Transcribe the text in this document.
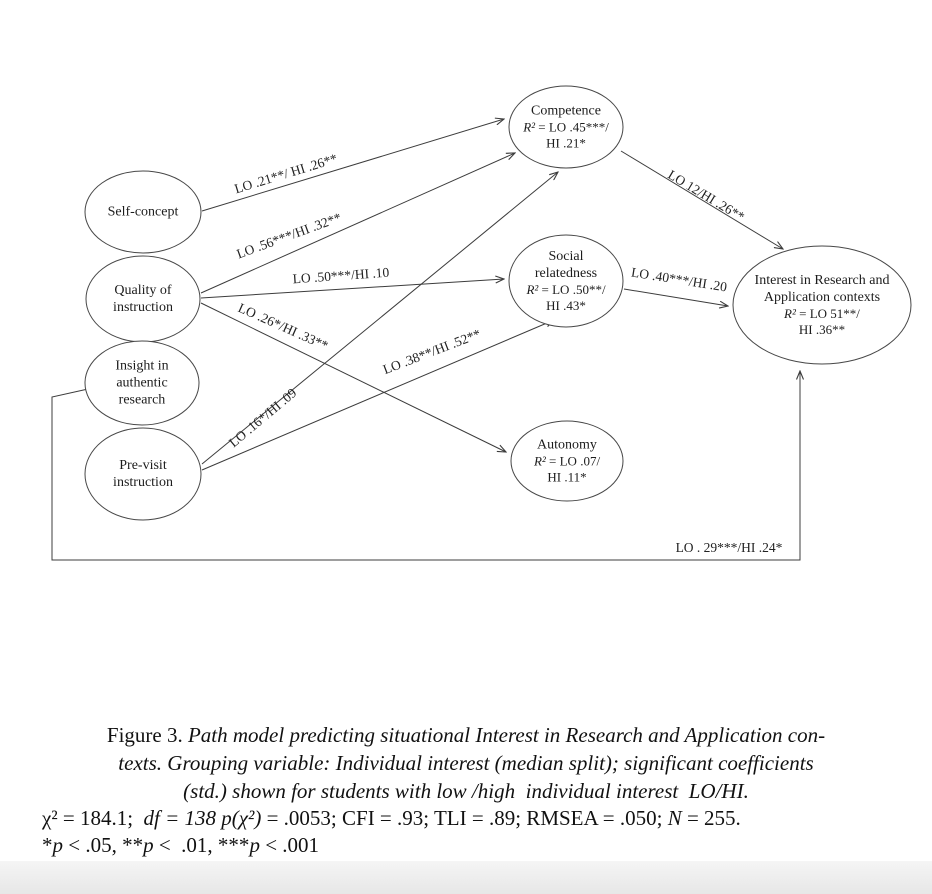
Self-concept
Quality of
instruction
Insight in
authentic
research
Pre-visit
instruction
Competence
R² = LO .45***/
HI .21*
Social
relatedness
R² = LO .50**/
HI .43*
Autonomy
R² = LO .07/
HI .11*
Interest in Research and
Application contexts
R² = LO 51**/
HI .36**
LO .21**/ HI .26**
LO .56***/HI .32**
LO .50***/HI .10
LO .26*/HI .33**
LO .16*/HI .09
LO .38**/HI .52**
LO 12/HI .26**
LO .40***/HI .20
LO . 29***/HI .24*
Figure 3. Path model predicting situational Interest in Research and Application con-
texts. Grouping variable: Individual interest (median split); significant coefficients
(std.) shown for students with low /high  individual interest  LO/HI.
χ² = 184.1;  df = 138 p(χ²) = .0053; CFI = .93; TLI = .89; RMSEA = .050; N = 255.
*p < .05, **p <  .01, ***p < .001
